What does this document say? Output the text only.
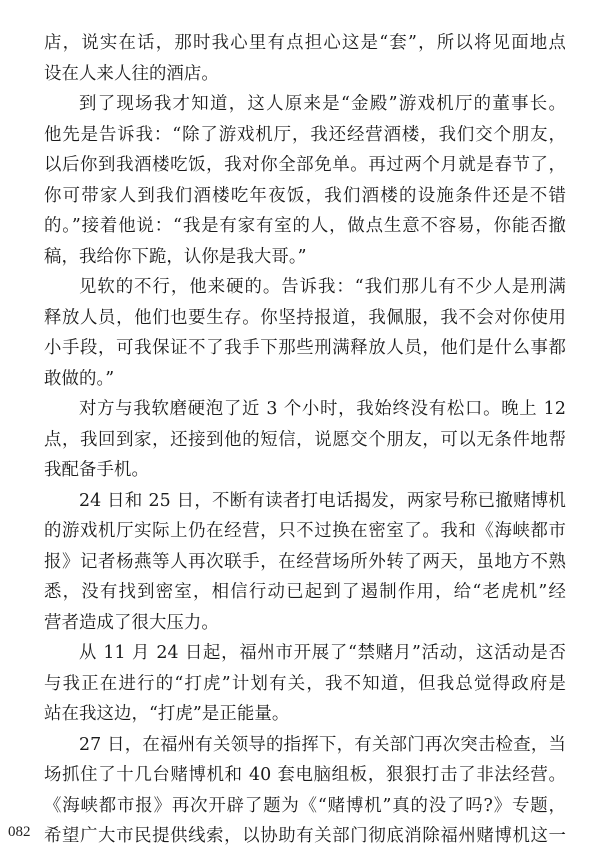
店，说实在话，那时我心里有点担心这是“套”，所以将见面地点
设在人来人往的酒店。
到了现场我才知道，这人原来是“金殿”游戏机厅的董事长。
他先是告诉我：“除了游戏机厅，我还经营酒楼，我们交个朋友，
以后你到我酒楼吃饭，我对你全部免单。再过两个月就是春节了，
你可带家人到我们酒楼吃年夜饭，我们酒楼的设施条件还是不错
的。”接着他说：“我是有家有室的人，做点生意不容易，你能否撤
稿，我给你下跪，认你是我大哥。”
见软的不行，他来硬的。告诉我：“我们那儿有不少人是刑满
释放人员，他们也要生存。你坚持报道，我佩服，我不会对你使用
小手段，可我保证不了我手下那些刑满释放人员，他们是什么事都
敢做的。”
对方与我软磨硬泡了近 3 个小时，我始终没有松口。晚上 12
点，我回到家，还接到他的短信，说愿交个朋友，可以无条件地帮
我配备手机。
24 日和 25 日，不断有读者打电话揭发，两家号称已撤赌博机
的游戏机厅实际上仍在经营，只不过换在密室了。我和《海峡都市
报》记者杨燕等人再次联手，在经营场所外转了两天，虽地方不熟
悉，没有找到密室，相信行动已起到了遏制作用，给“老虎机”经
营者造成了很大压力。
从 11 月 24 日起，福州市开展了“禁赌月”活动，这活动是否
与我正在进行的“打虎”计划有关，我不知道，但我总觉得政府是
站在我这边，“打虎”是正能量。
27 日，在福州有关领导的指挥下，有关部门再次突击检查，当
场抓住了十几台赌博机和 40 套电脑组板，狠狠打击了非法经营。
《海峡都市报》再次开辟了题为《“赌博机”真的没了吗?》专题，
希望广大市民提供线索，以协助有关部门彻底消除福州赌博机这一
082
